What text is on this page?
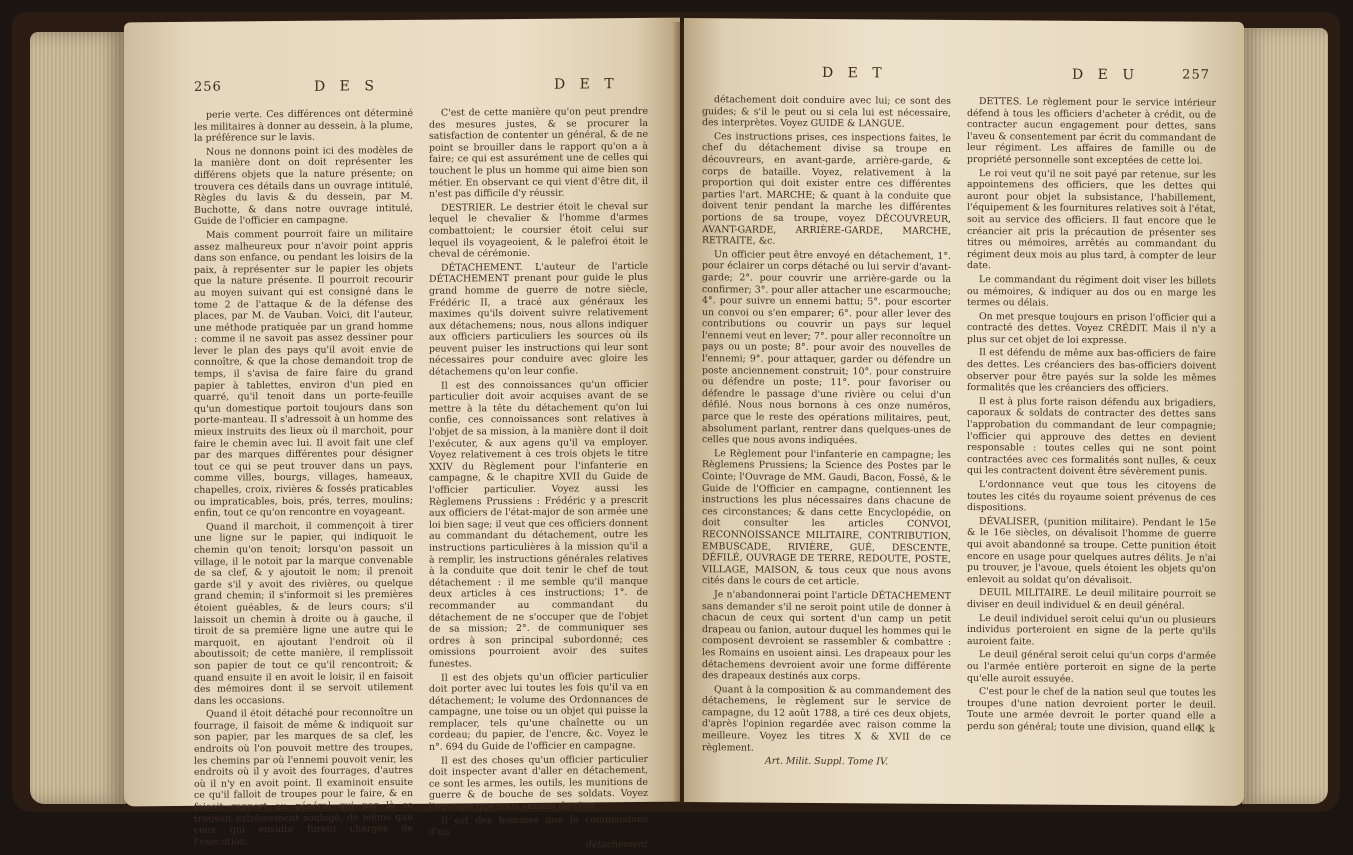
256	D E S	D E T

perie verte. Ces différences ont déterminé les militaires à donner au dessein, à la plume, la préférence sur le lavis.

Nous ne donnons point ici des modèles de la manière dont on doit représenter les différens objets que la nature présente; on trouvera ces détails dans un ouvrage intitulé, Règles du lavis & du dessein, par M. Buchotte, & dans notre ouvrage intitulé, Guide de l'officier en campagne.

Mais comment pourroit faire un militaire assez malheureux pour n'avoir point appris dans son enfance, ou pendant les loisirs de la paix, à représenter sur le papier les objets que la nature présente. Il pourroit recourir au moyen suivant qui est consigné dans le tome 2 de l'attaque & de la défense des places, par M. de Vauban. Voici, dit l'auteur, une méthode pratiquée par un grand homme : comme il ne savoit pas assez dessiner pour lever le plan des pays qu'il avoit envie de connoître, & que la chose demandoit trop de temps, il s'avisa de faire faire du grand papier à tablettes, environ d'un pied en quarré, qu'il tenoit dans un porte-feuille qu'un domestique portoit toujours dans son porte-manteau. Il s'adressoit à un homme des mieux instruits des lieux où il marchoit, pour faire le chemin avec lui. Il avoit fait une clef par des marques différentes pour désigner tout ce qui se peut trouver dans un pays, comme villes, bourgs, villages, hameaux, chapelles, croix, rivières & fossés praticables ou impraticables, bois, prés, terres, moulins; enfin, tout ce qu'on rencontre en voyageant.

Quand il marchoit, il commençoit à tirer une ligne sur le papier, qui indiquoit le chemin qu'on tenoit; lorsqu'on passoit un village, il le notoit par la marque convenable de sa clef, & y ajoutoit le nom; il prenoit garde s'il y avoit des rivières, ou quelque grand chemin; il s'informoit si les premières étoient guéables, & de leurs cours; s'il laissoit un chemin à droite ou à gauche, il tiroit de sa première ligne une autre qui le marquoit, en ajoutant l'endroit où il aboutissoit; de cette manière, il remplissoit son papier de tout ce qu'il rencontroit; & quand ensuite il en avoit le loisir, il en faisoit des mémoires dont il se servoit utilement dans les occasions.

Quand il étoit détaché pour reconnoître un fourrage, il faisoit de même & indiquoit sur son papier, par les marques de sa clef, les endroits où l'on pouvoit mettre des troupes, les chemins par où l'ennemi pouvoit venir, les endroits où il y avoit des fourrages, d'autres où il n'y en avoit point. Il examinoit ensuite ce qu'il falloit de troupes pour le faire, & en faisoit rapport au général qui par là se trouvoit extrêmement soulagé, de même que ceux qui ensuite furent chargés de l'exécution.

C'est de cette manière qu'on peut prendre des mesures justes, & se procurer la satisfaction de contenter un général, & de ne point se brouiller dans le rapport qu'on a à faire; ce qui est assurément une de celles qui touchent le plus un homme qui aime bien son métier. En observant ce qui vient d'être dit, il n'est pas difficile d'y réussir.

DESTRIER. Le destrier étoit le cheval sur lequel le chevalier & l'homme d'armes combattoient; le coursier étoit celui sur lequel ils voyageoient, & le palefroi étoit le cheval de cérémonie.

DÉTACHEMENT. L'auteur de l'article DÉTACHEMENT prenant pour guide le plus grand homme de guerre de notre siècle, Frédéric II, a tracé aux généraux les maximes qu'ils doivent suivre relativement aux détachemens; nous, nous allons indiquer aux officiers particuliers les sources où ils peuvent puiser les instructions qui leur sont nécessaires pour conduire avec gloire les détachemens qu'on leur confie.

Il est des connoissances qu'un officier particulier doit avoir acquises avant de se mettre à la tête du détachement qu'on lui confie, ces connoissances sont relatives à l'objet de sa mission, à la manière dont il doit l'exécuter, & aux agens qu'il va employer. Voyez relativement à ces trois objets le titre XXIV du Règlement pour l'infanterie en campagne, & le chapitre XVII du Guide de l'officier particulier. Voyez aussi les Règlemens Prussiens : Frédéric y a prescrit aux officiers de l'état-major de son armée une loi bien sage; il veut que ces officiers donnent au commandant du détachement, outre les instructions particulières à la mission qu'il a à remplir, les instructions générales relatives à la conduite que doit tenir le chef de tout détachement : il me semble qu'il manque deux articles à ces instructions; 1°. de recommander au commandant du détachement de ne s'occuper que de l'objet de sa mission; 2°. de communiquer ses ordres à son principal subordonné; ces omissions pourroient avoir des suites funestes.

Il est des objets qu'un officier particulier doit porter avec lui toutes les fois qu'il va en détachement; le volume des Ordonnances de campagne, une toise ou un objet qui puisse la remplacer, tels qu'une chaînette ou un cordeau; du papier, de l'encre, &c. Voyez le n°. 694 du Guide de l'officier en campagne.

Il est des choses qu'un officier particulier doit inspecter avant d'aller en détachement, ce sont les armes, les outils, les munitions de guerre & de bouche de ses soldats. Voyez l'ouvrage que nous venons de citer.

Il est des hommes que le commandans d'un

détachement
D E T	D E U	257

détachement doit conduire avec lui; ce sont des guides; & s'il le peut ou si cela lui est nécessaire, des interprètes. Voyez GUIDE & LANGUE.

Ces instructions prises, ces inspections faites, le chef du détachement divise sa troupe en découvreurs, en avant-garde, arrière-garde, & corps de bataille. Voyez, relativement à la proportion qui doit exister entre ces différentes parties l'art. MARCHE; & quant à la conduite que doivent tenir pendant la marche les différentes portions de sa troupe, voyez DÉCOUVREUR, AVANT-GARDE, ARRIÈRE-GARDE, MARCHE, RETRAITE, &c.

Un officier peut être envoyé en détachement, 1°. pour éclairer un corps détaché ou lui servir d'avant-garde; 2°. pour couvrir une arrière-garde ou la confirmer; 3°. pour aller attacher une escarmouche; 4°. pour suivre un ennemi battu; 5°. pour escorter un convoi ou s'en emparer; 6°. pour aller lever des contributions ou couvrir un pays sur lequel l'ennemi veut en lever; 7°. pour aller reconnoître un pays ou un poste; 8°. pour avoir des nouvelles de l'ennemi; 9°. pour attaquer, garder ou défendre un poste anciennement construit; 10°. pour construire ou défendre un poste; 11°. pour favoriser ou défendre le passage d'une rivière ou celui d'un défilé. Nous nous bornons à ces onze numéros, parce que le reste des opérations militaires, peut, absolument parlant, rentrer dans quelques-unes de celles que nous avons indiquées.

Le Règlement pour l'infanterie en campagne; les Règlemens Prussiens; la Science des Postes par le Cointe; l'Ouvrage de MM. Gaudi, Bacon, Fossé, & le Guide de l'Officier en campagne, contiennent les instructions les plus nécessaires dans chacune de ces circonstances; & dans cette Encyclopédie, on doit consulter les articles CONVOI, RECONNOISSANCE MILITAIRE, CONTRIBUTION, EMBUSCADE, RIVIÈRE, GUÉ, DESCENTE, DÉFILÉ, OUVRAGE DE TERRE, REDOUTE, POSTE, VILLAGE, MAISON, & tous ceux que nous avons cités dans le cours de cet article.

Je n'abandonnerai point l'article DÉTACHEMENT sans demander s'il ne seroit point utile de donner à chacun de ceux qui sortent d'un camp un petit drapeau ou fanion, autour duquel les hommes qui le composent devroient se rassembler & combattre : les Romains en usoient ainsi. Les drapeaux pour les détachemens devroient avoir une forme différente des drapeaux destinés aux corps.

Quant à la composition & au commandement des détachemens, le règlement sur le service de campagne, du 12 août 1788, a tiré ces deux objets, d'après l'opinion regardée avec raison comme la meilleure. Voyez les titres X & XVII de ce règlement.

Art. Milit. Suppl. Tome IV.

DETTES. Le règlement pour le service intérieur défend à tous les officiers d'acheter à crédit, ou de contracter aucun engagement pour dettes, sans l'aveu & consentement par écrit du commandant de leur régiment. Les affaires de famille ou de propriété personnelle sont exceptées de cette loi.

Le roi veut qu'il ne soit payé par retenue, sur les appointemens des officiers, que les dettes qui auront pour objet la subsistance, l'habillement, l'équipement & les fournitures relatives soit à l'état, soit au service des officiers. Il faut encore que le créancier ait pris la précaution de présenter ses titres ou mémoires, arrêtés au commandant du régiment deux mois au plus tard, à compter de leur date.

Le commandant du régiment doit viser les billets ou mémoires, & indiquer au dos ou en marge les termes ou délais.

On met presque toujours en prison l'officier qui a contracté des dettes. Voyez CRÉDIT. Mais il n'y a plus sur cet objet de loi expresse.

Il est défendu de même aux bas-officiers de faire des dettes. Les créanciers des bas-officiers doivent observer pour être payés sur la solde les mêmes formalités que les créanciers des officiers.

Il est à plus forte raison défendu aux brigadiers, caporaux & soldats de contracter des dettes sans l'approbation du commandant de leur compagnie; l'officier qui approuve des dettes en devient responsable : toutes celles qui ne sont point contractées avec ces formalités sont nulles, & ceux qui les contractent doivent être sévèrement punis.

L'ordonnance veut que tous les citoyens de toutes les cités du royaume soient prévenus de ces dispositions.

DÉVALISER, (punition militaire). Pendant le 15e & le 16e siècles, on dévalisoit l'homme de guerre qui avoit abandonné sa troupe. Cette punition étoit encore en usage pour quelques autres délits. Je n'ai pu trouver, je l'avoue, quels étoient les objets qu'on enlevoit au soldat qu'on dévalisoit.

DEUIL MILITAIRE. Le deuil militaire pourroit se diviser en deuil individuel & en deuil général.

Le deuil individuel seroit celui qu'un ou plusieurs individus porteroient en signe de la perte qu'ils auroient faite.

Le deuil général seroit celui qu'un corps d'armée ou l'armée entière porteroit en signe de la perte qu'elle auroit essuyée.

C'est pour le chef de la nation seul que toutes les troupes d'une nation devroient porter le deuil. Toute une armée devroit le porter quand elle a perdu son général; toute une division, quand elle

K k
